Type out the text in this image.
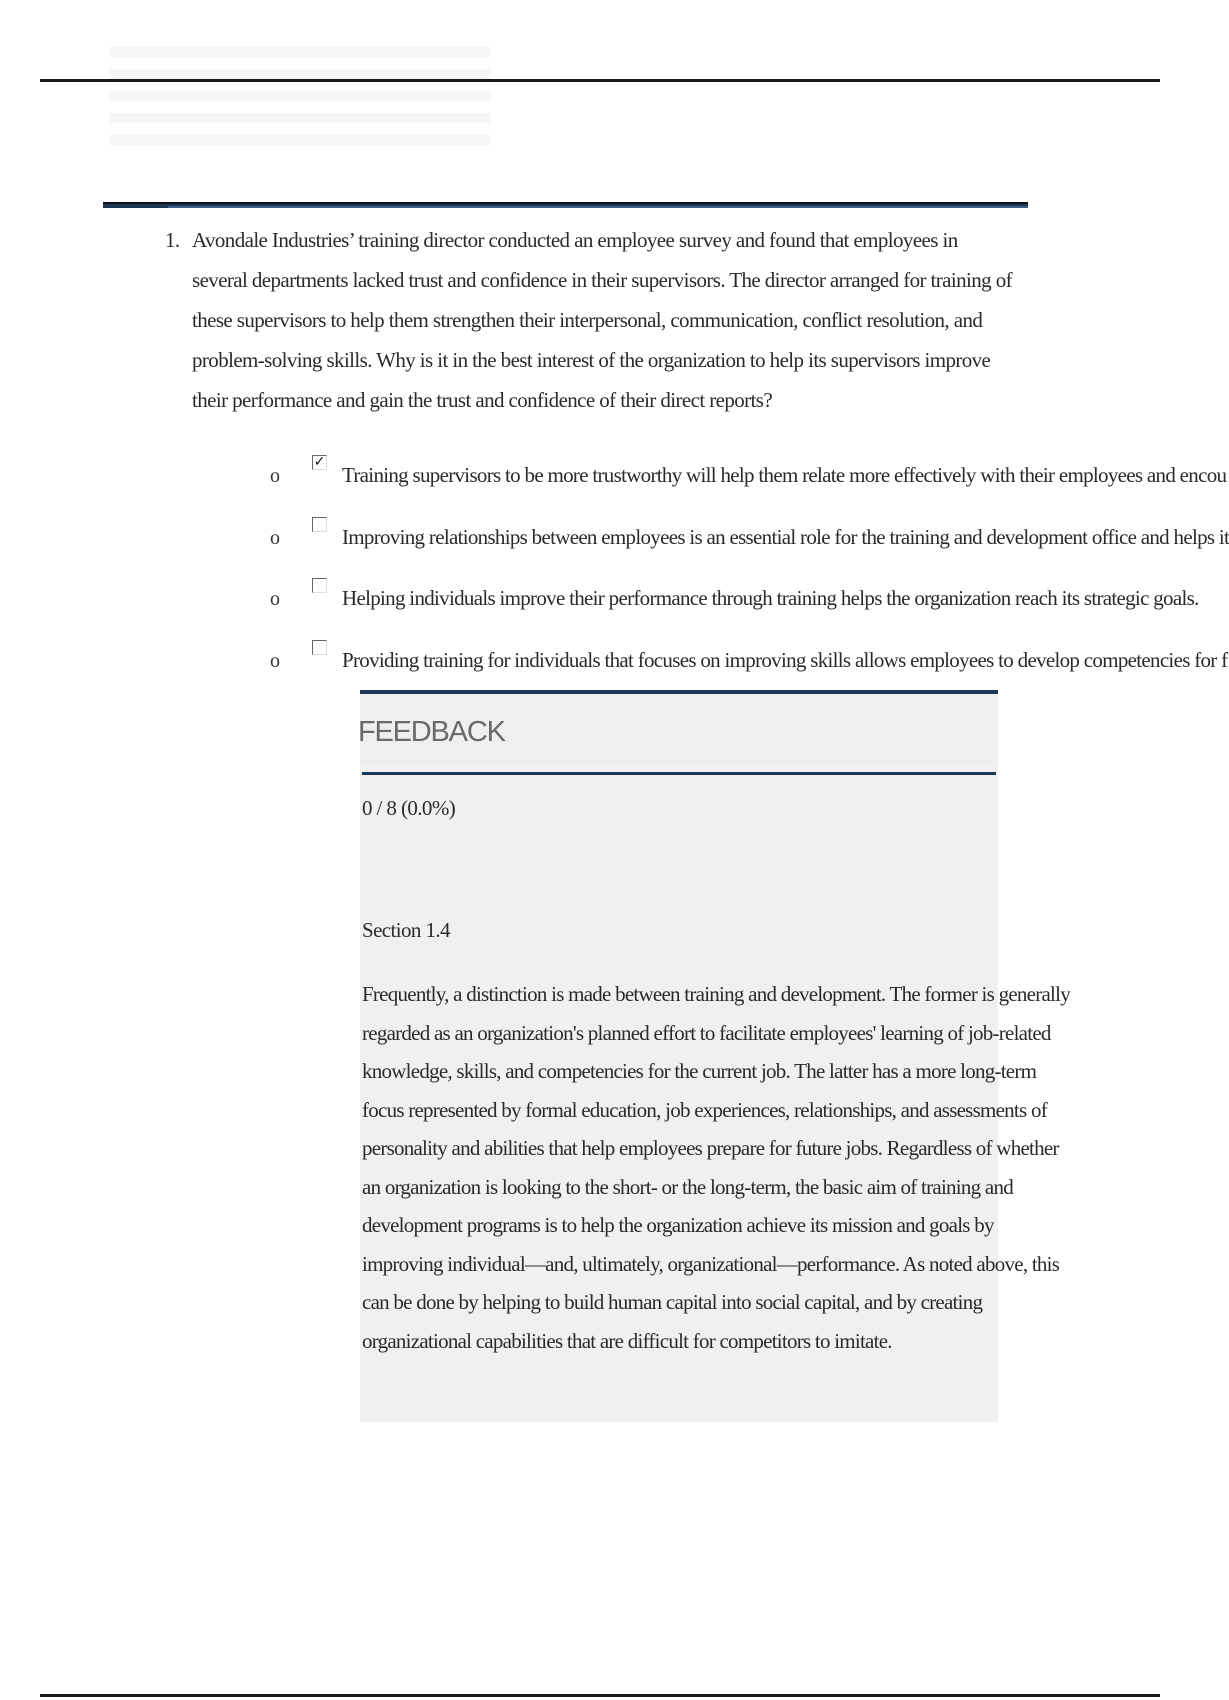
1. Avondale Industries’ training director conducted an employee survey and found that employees in several departments lacked trust and confidence in their supervisors. The director arranged for training of these supervisors to help them strengthen their interpersonal, communication, conflict resolution, and problem-solving skills. Why is it in the best interest of the organization to help its supervisors improve their performance and gain the trust and confidence of their direct reports?
o
✓
Training supervisors to be more trustworthy will help them relate more effectively with their employees and encou
o	Improving relationships between employees is an essential role for the training and development office and helps it
o	Helping individuals improve their performance through training helps the organization reach its strategic goals.
o	Providing training for individuals that focuses on improving skills allows employees to develop competencies for f
FEEDBACK
0 / 8 (0.0%)
Section 1.4
Frequently, a distinction is made between training and development. The former is generally
regarded as an organization's planned effort to facilitate employees' learning of job-related
knowledge, skills, and competencies for the current job. The latter has a more long-term
focus represented by formal education, job experiences, relationships, and assessments of
personality and abilities that help employees prepare for future jobs. Regardless of whether
an organization is looking to the short- or the long-term, the basic aim of training and
development programs is to help the organization achieve its mission and goals by
improving individual—and, ultimately, organizational—performance. As noted above, this
can be done by helping to build human capital into social capital, and by creating
organizational capabilities that are difficult for competitors to imitate.
